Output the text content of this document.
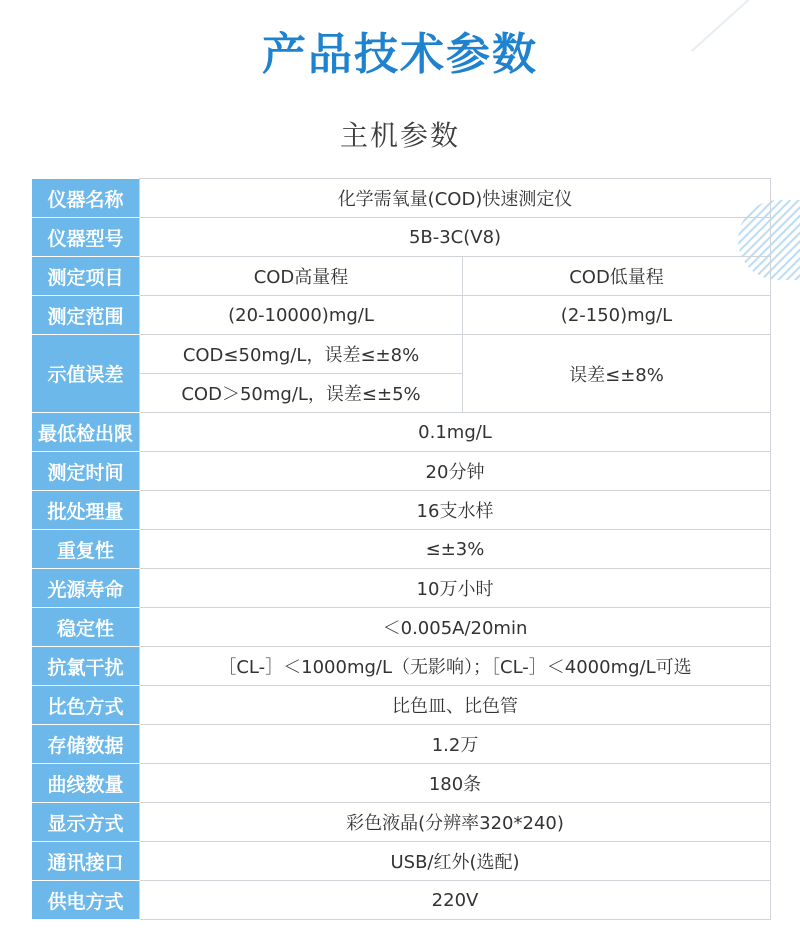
产品技术参数
主机参数
仪器名称	化学需氧量(COD)快速测定仪	
仪器型号	5B-3C(V8)	
测定项目	COD高量程	COD低量程
测定范围	(20-10000)mg/L	(2-150)mg/L
示值误差	COD≤50mg/L，误差≤±8%	误差≤±8%
	COD＞50mg/L，误差≤±5%	
最低检出限	0.1mg/L	
测定时间	20分钟	
批处理量	16支水样	
重复性	≤±3%	
光源寿命	10万小时	
稳定性	＜0.005A/20min	
抗氯干扰	［CL-］＜1000mg/L（无影响）；［CL-］＜4000mg/L可选	
比色方式	比色皿、比色管	
存储数据	1.2万	
曲线数量	180条	
显示方式	彩色液晶(分辨率320*240)	
通讯接口	USB/红外(选配)	
供电方式	220V	
